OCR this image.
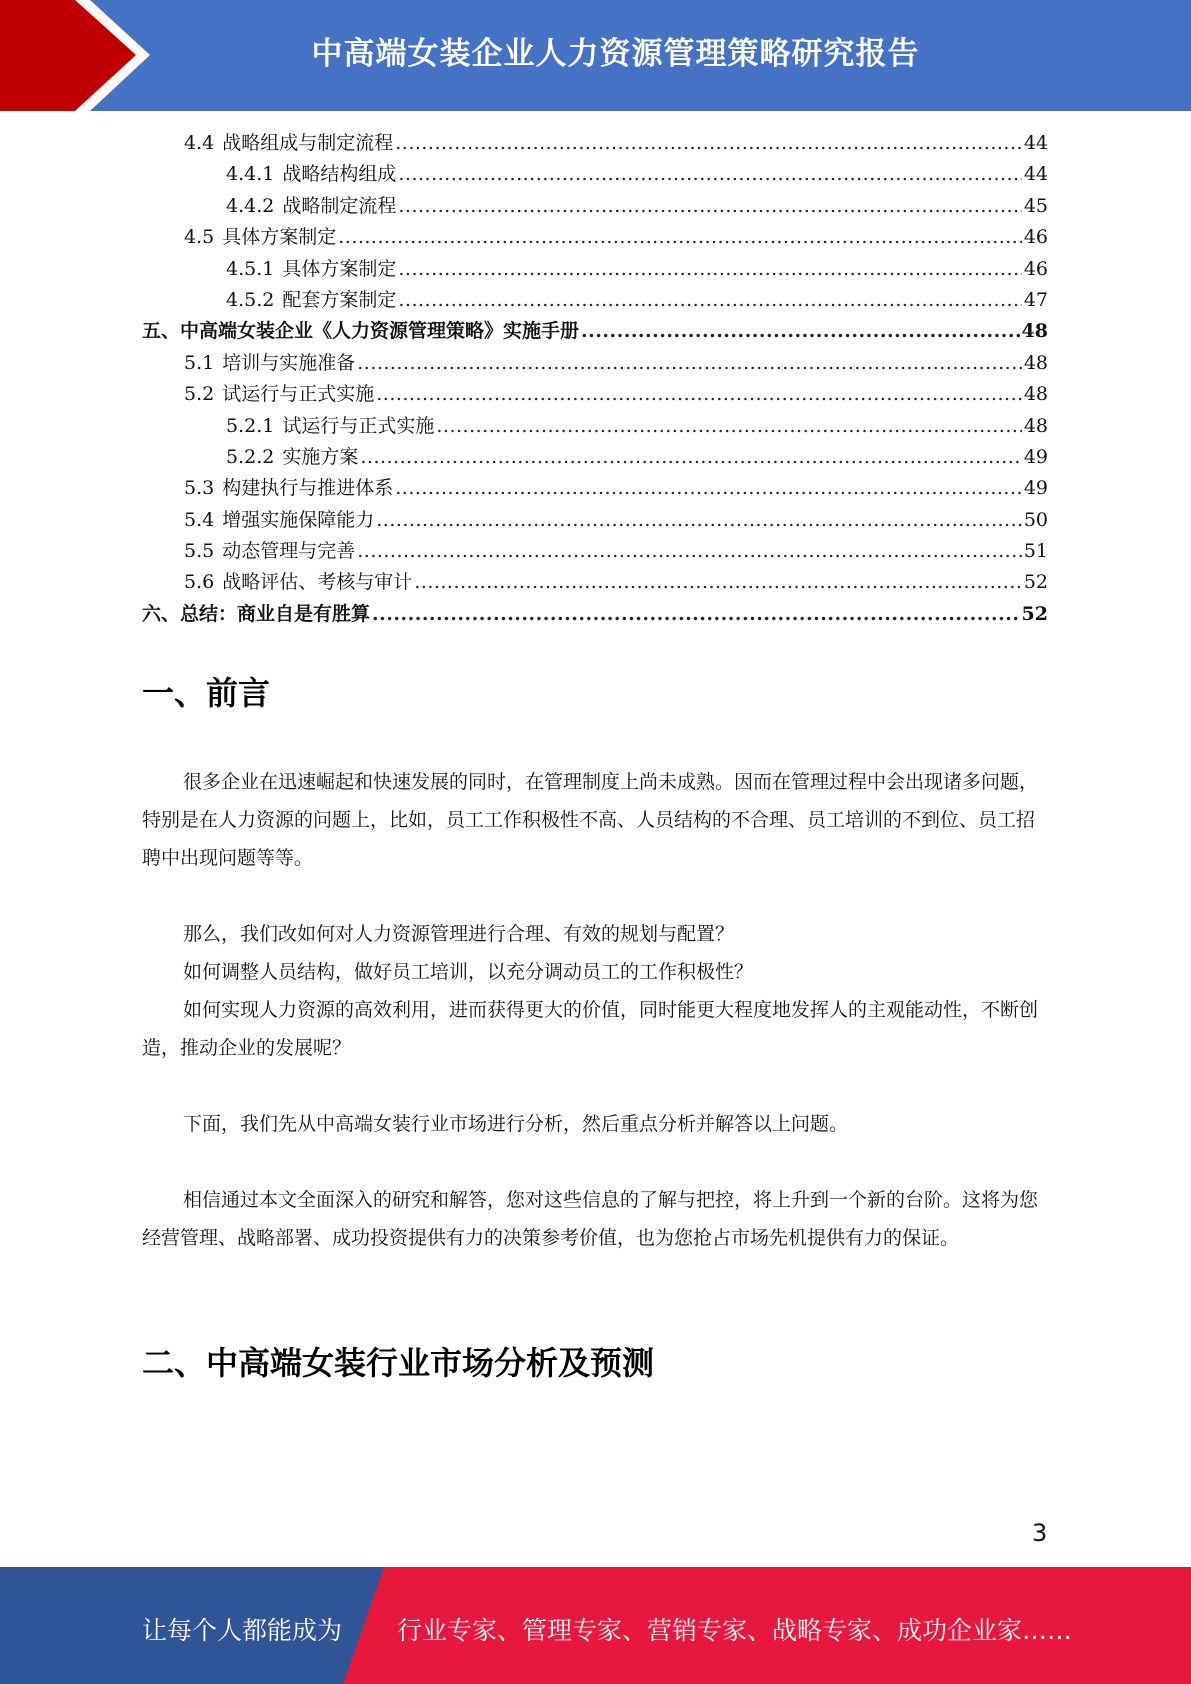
中高端女装企业人力资源管理策略研究报告
4.4 战略组成与制定流程 .....	44
4.4.1 战略结构组成 .....	44
4.4.2 战略制定流程 .....	45
4.5 具体方案制定 .....	46
4.5.1 具体方案制定 .....	46
4.5.2 配套方案制定 .....	47
五、中高端女装企业《人力资源管理策略》实施手册 .....	48
5.1 培训与实施准备 .....	48
5.2 试运行与正式实施 .....	48
5.2.1 试运行与正式实施 .....	48
5.2.2 实施方案 .....	49
5.3 构建执行与推进体系 .....	49
5.4 增强实施保障能力 .....	50
5.5 动态管理与完善 .....	51
5.6 战略评估、考核与审计 .....	52
六、总结：商业自是有胜算 .....	52
一、前言
很多企业在迅速崛起和快速发展的同时，在管理制度上尚未成熟。因而在管理过程中会出现诸多问题，特别是在人力资源的问题上，比如，员工工作积极性不高、人员结构的不合理、员工培训的不到位、员工招聘中出现问题等等。
那么，我们改如何对人力资源管理进行合理、有效的规划与配置？
如何调整人员结构，做好员工培训，以充分调动员工的工作积极性？
如何实现人力资源的高效利用，进而获得更大的价值，同时能更大程度地发挥人的主观能动性，不断创造，推动企业的发展呢？
下面，我们先从中高端女装行业市场进行分析，然后重点分析并解答以上问题。
相信通过本文全面深入的研究和解答，您对这些信息的了解与把控，将上升到一个新的台阶。这将为您经营管理、战略部署、成功投资提供有力的决策参考价值，也为您抢占市场先机提供有力的保证。
二、中高端女装行业市场分析及预测
3
让每个人都能成为 行业专家、管理专家、营销专家、战略专家、成功企业家……
